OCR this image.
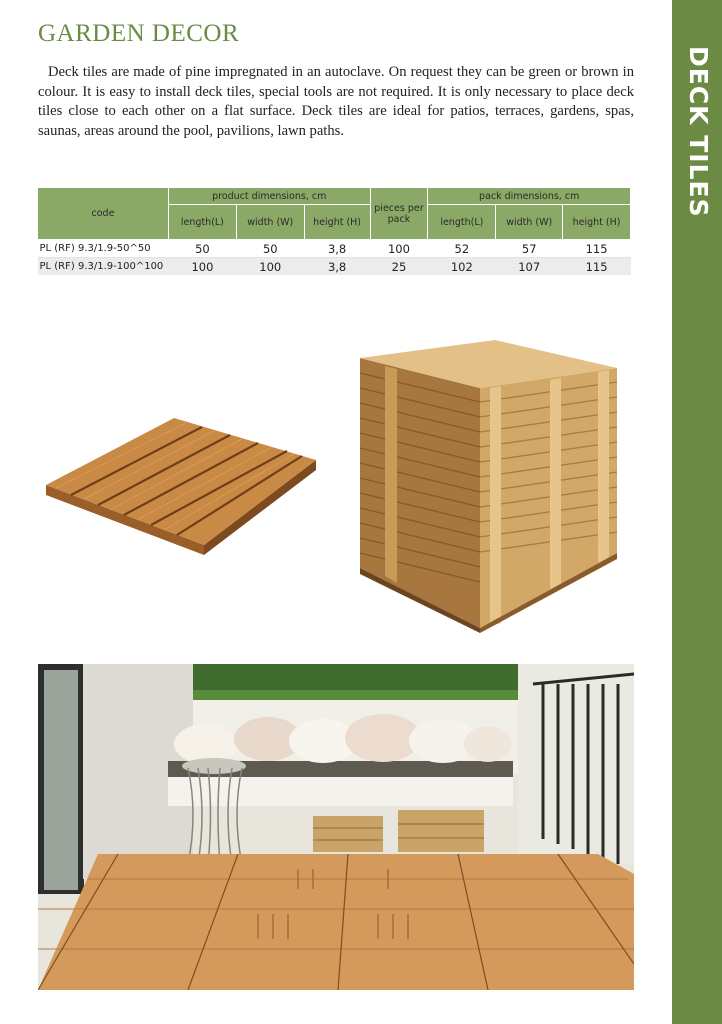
DECK TILES
GARDEN DECOR

Deck tiles are made of pine impregnated in an autoclave. On request they can be green or brown in colour. It is easy to install deck tiles, special tools are not required. It is only necessary to place deck tiles close to each other on a flat surface. Deck tiles are ideal for patios, terraces, gardens, spas, saunas, areas around the pool, pavilions, lawn paths.

code	product dimensions, cm			pieces per pack	pack dimensions, cm		
	length(L)	width (W)	height (H)		length(L)	width (W)	height (H)
PL (RF) 9.3/1.9-50^50	50	50	3,8	100	52	57	115
PL (RF) 9.3/1.9-100^100	100	100	3,8	25	102	107	115
